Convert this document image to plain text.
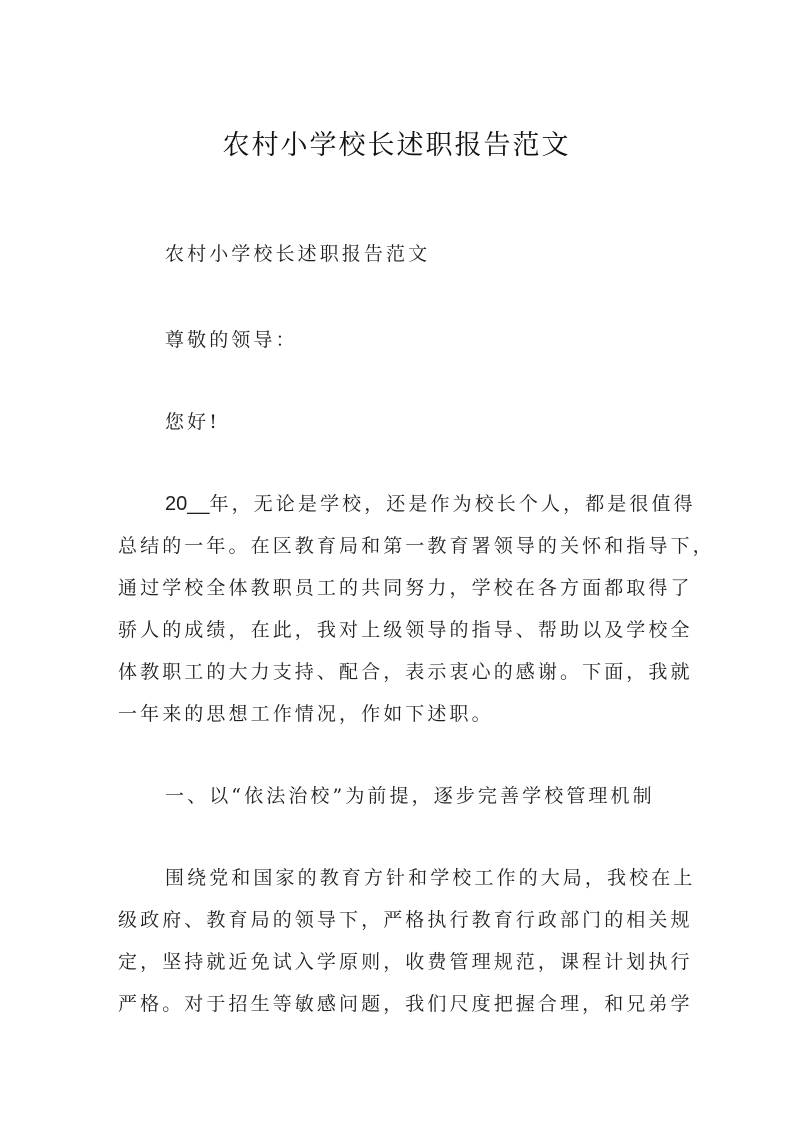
农村小学校长述职报告范文
农村小学校长述职报告范文
尊敬的领导：
您好!
20__年，无论是学校，还是作为校长个人，都是很值得
总结的一年。在区教育局和第一教育署领导的关怀和指导下，
通过学校全体教职员工的共同努力，学校在各方面都取得了
骄人的成绩，在此，我对上级领导的指导、帮助以及学校全
体教职工的大力支持、配合，表示衷心的感谢。下面，我就
一年来的思想工作情况，作如下述职。
一、以“依法治校”为前提，逐步完善学校管理机制
围绕党和国家的教育方针和学校工作的大局，我校在上
级政府、教育局的领导下，严格执行教育行政部门的相关规
定，坚持就近免试入学原则，收费管理规范，课程计划执行
严格。对于招生等敏感问题，我们尺度把握合理，和兄弟学
